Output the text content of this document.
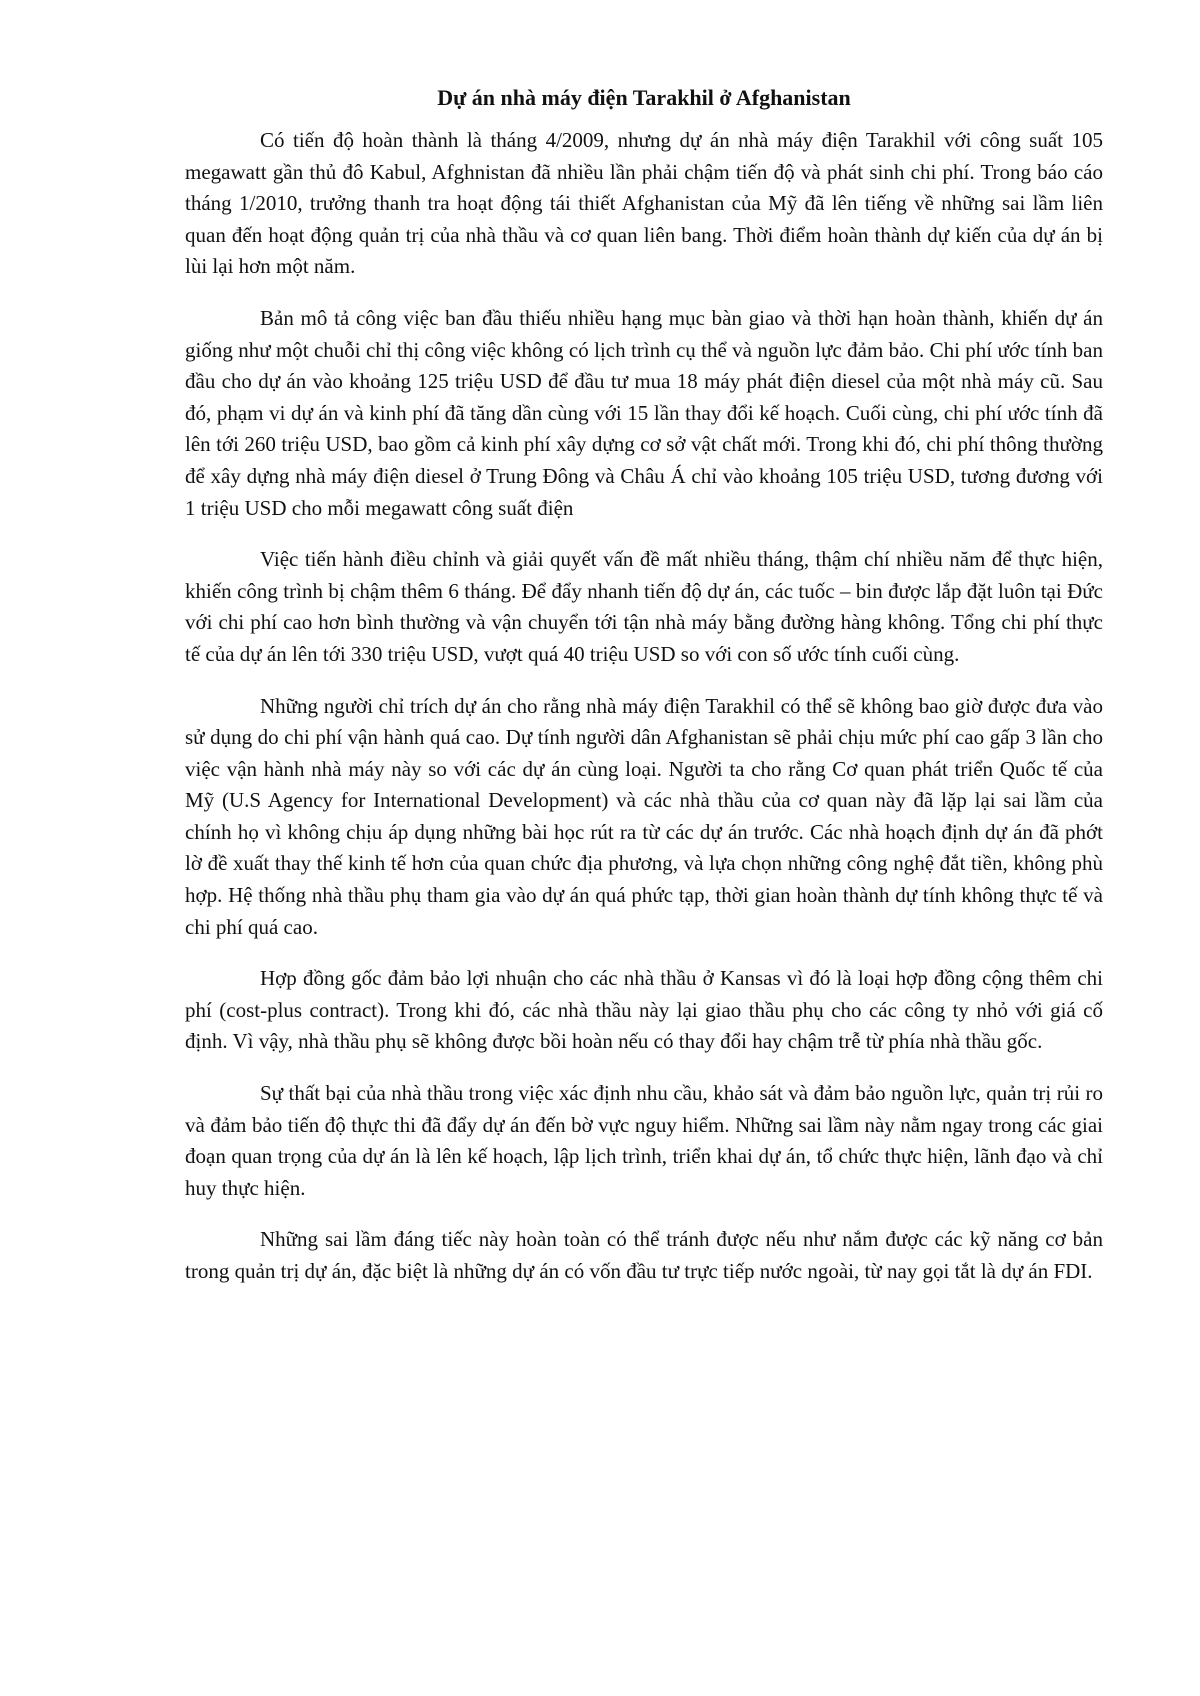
Dự án nhà máy điện Tarakhil ở Afghanistan

Có tiến độ hoàn thành là tháng 4/2009, nhưng dự án nhà máy điện Tarakhil với công suất 105 megawatt gần thủ đô Kabul, Afghnistan đã nhiều lần phải chậm tiến độ và phát sinh chi phí. Trong báo cáo tháng 1/2010, trưởng thanh tra hoạt động tái thiết Afghanistan của Mỹ đã lên tiếng về những sai lầm liên quan đến hoạt động quản trị của nhà thầu và cơ quan liên bang. Thời điểm hoàn thành dự kiến của dự án bị lùi lại hơn một năm.

Bản mô tả công việc ban đầu thiếu nhiều hạng mục bàn giao và thời hạn hoàn thành, khiến dự án giống như một chuỗi chỉ thị công việc không có lịch trình cụ thể và nguồn lực đảm bảo. Chi phí ước tính ban đầu cho dự án vào khoảng 125 triệu USD để đầu tư mua 18 máy phát điện diesel của một nhà máy cũ. Sau đó, phạm vi dự án và kinh phí đã tăng dần cùng với 15 lần thay đổi kế hoạch. Cuối cùng, chi phí ước tính đã lên tới 260 triệu USD, bao gồm cả kinh phí xây dựng cơ sở vật chất mới. Trong khi đó, chi phí thông thường để xây dựng nhà máy điện diesel ở Trung Đông và Châu Á chỉ vào khoảng 105 triệu USD, tương đương với 1 triệu USD cho mỗi megawatt công suất điện

Việc tiến hành điều chỉnh và giải quyết vấn đề mất nhiều tháng, thậm chí nhiều năm để thực hiện, khiến công trình bị chậm thêm 6 tháng. Để đẩy nhanh tiến độ dự án, các tuốc – bin được lắp đặt luôn tại Đức với chi phí cao hơn bình thường và vận chuyển tới tận nhà máy bằng đường hàng không. Tổng chi phí thực tế của dự án lên tới 330 triệu USD, vượt quá 40 triệu USD so với con số ước tính cuối cùng.

Những người chỉ trích dự án cho rằng nhà máy điện Tarakhil có thể sẽ không bao giờ được đưa vào sử dụng do chi phí vận hành quá cao. Dự tính người dân Afghanistan sẽ phải chịu mức phí cao gấp 3 lần cho việc vận hành nhà máy này so với các dự án cùng loại. Người ta cho rằng Cơ quan phát triển Quốc tế của Mỹ (U.S Agency for International Development) và các nhà thầu của cơ quan này đã lặp lại sai lầm của chính họ vì không chịu áp dụng những bài học rút ra từ các dự án trước. Các nhà hoạch định dự án đã phớt lờ đề xuất thay thế kinh tế hơn của quan chức địa phương, và lựa chọn những công nghệ đắt tiền, không phù hợp. Hệ thống nhà thầu phụ tham gia vào dự án quá phức tạp, thời gian hoàn thành dự tính không thực tế và chi phí quá cao.

Hợp đồng gốc đảm bảo lợi nhuận cho các nhà thầu ở Kansas vì đó là loại hợp đồng cộng thêm chi phí (cost-plus contract). Trong khi đó, các nhà thầu này lại giao thầu phụ cho các công ty nhỏ với giá cố định. Vì vậy, nhà thầu phụ sẽ không được bồi hoàn nếu có thay đổi hay chậm trễ từ phía nhà thầu gốc.

Sự thất bại của nhà thầu trong việc xác định nhu cầu, khảo sát và đảm bảo nguồn lực, quản trị rủi ro và đảm bảo tiến độ thực thi đã đẩy dự án đến bờ vực nguy hiểm. Những sai lầm này nằm ngay trong các giai đoạn quan trọng của dự án là lên kế hoạch, lập lịch trình, triển khai dự án, tổ chức thực hiện, lãnh đạo và chỉ huy thực hiện.

Những sai lầm đáng tiếc này hoàn toàn có thể tránh được nếu như nắm được các kỹ năng cơ bản trong quản trị dự án, đặc biệt là những dự án có vốn đầu tư trực tiếp nước ngoài, từ nay gọi tắt là dự án FDI.
